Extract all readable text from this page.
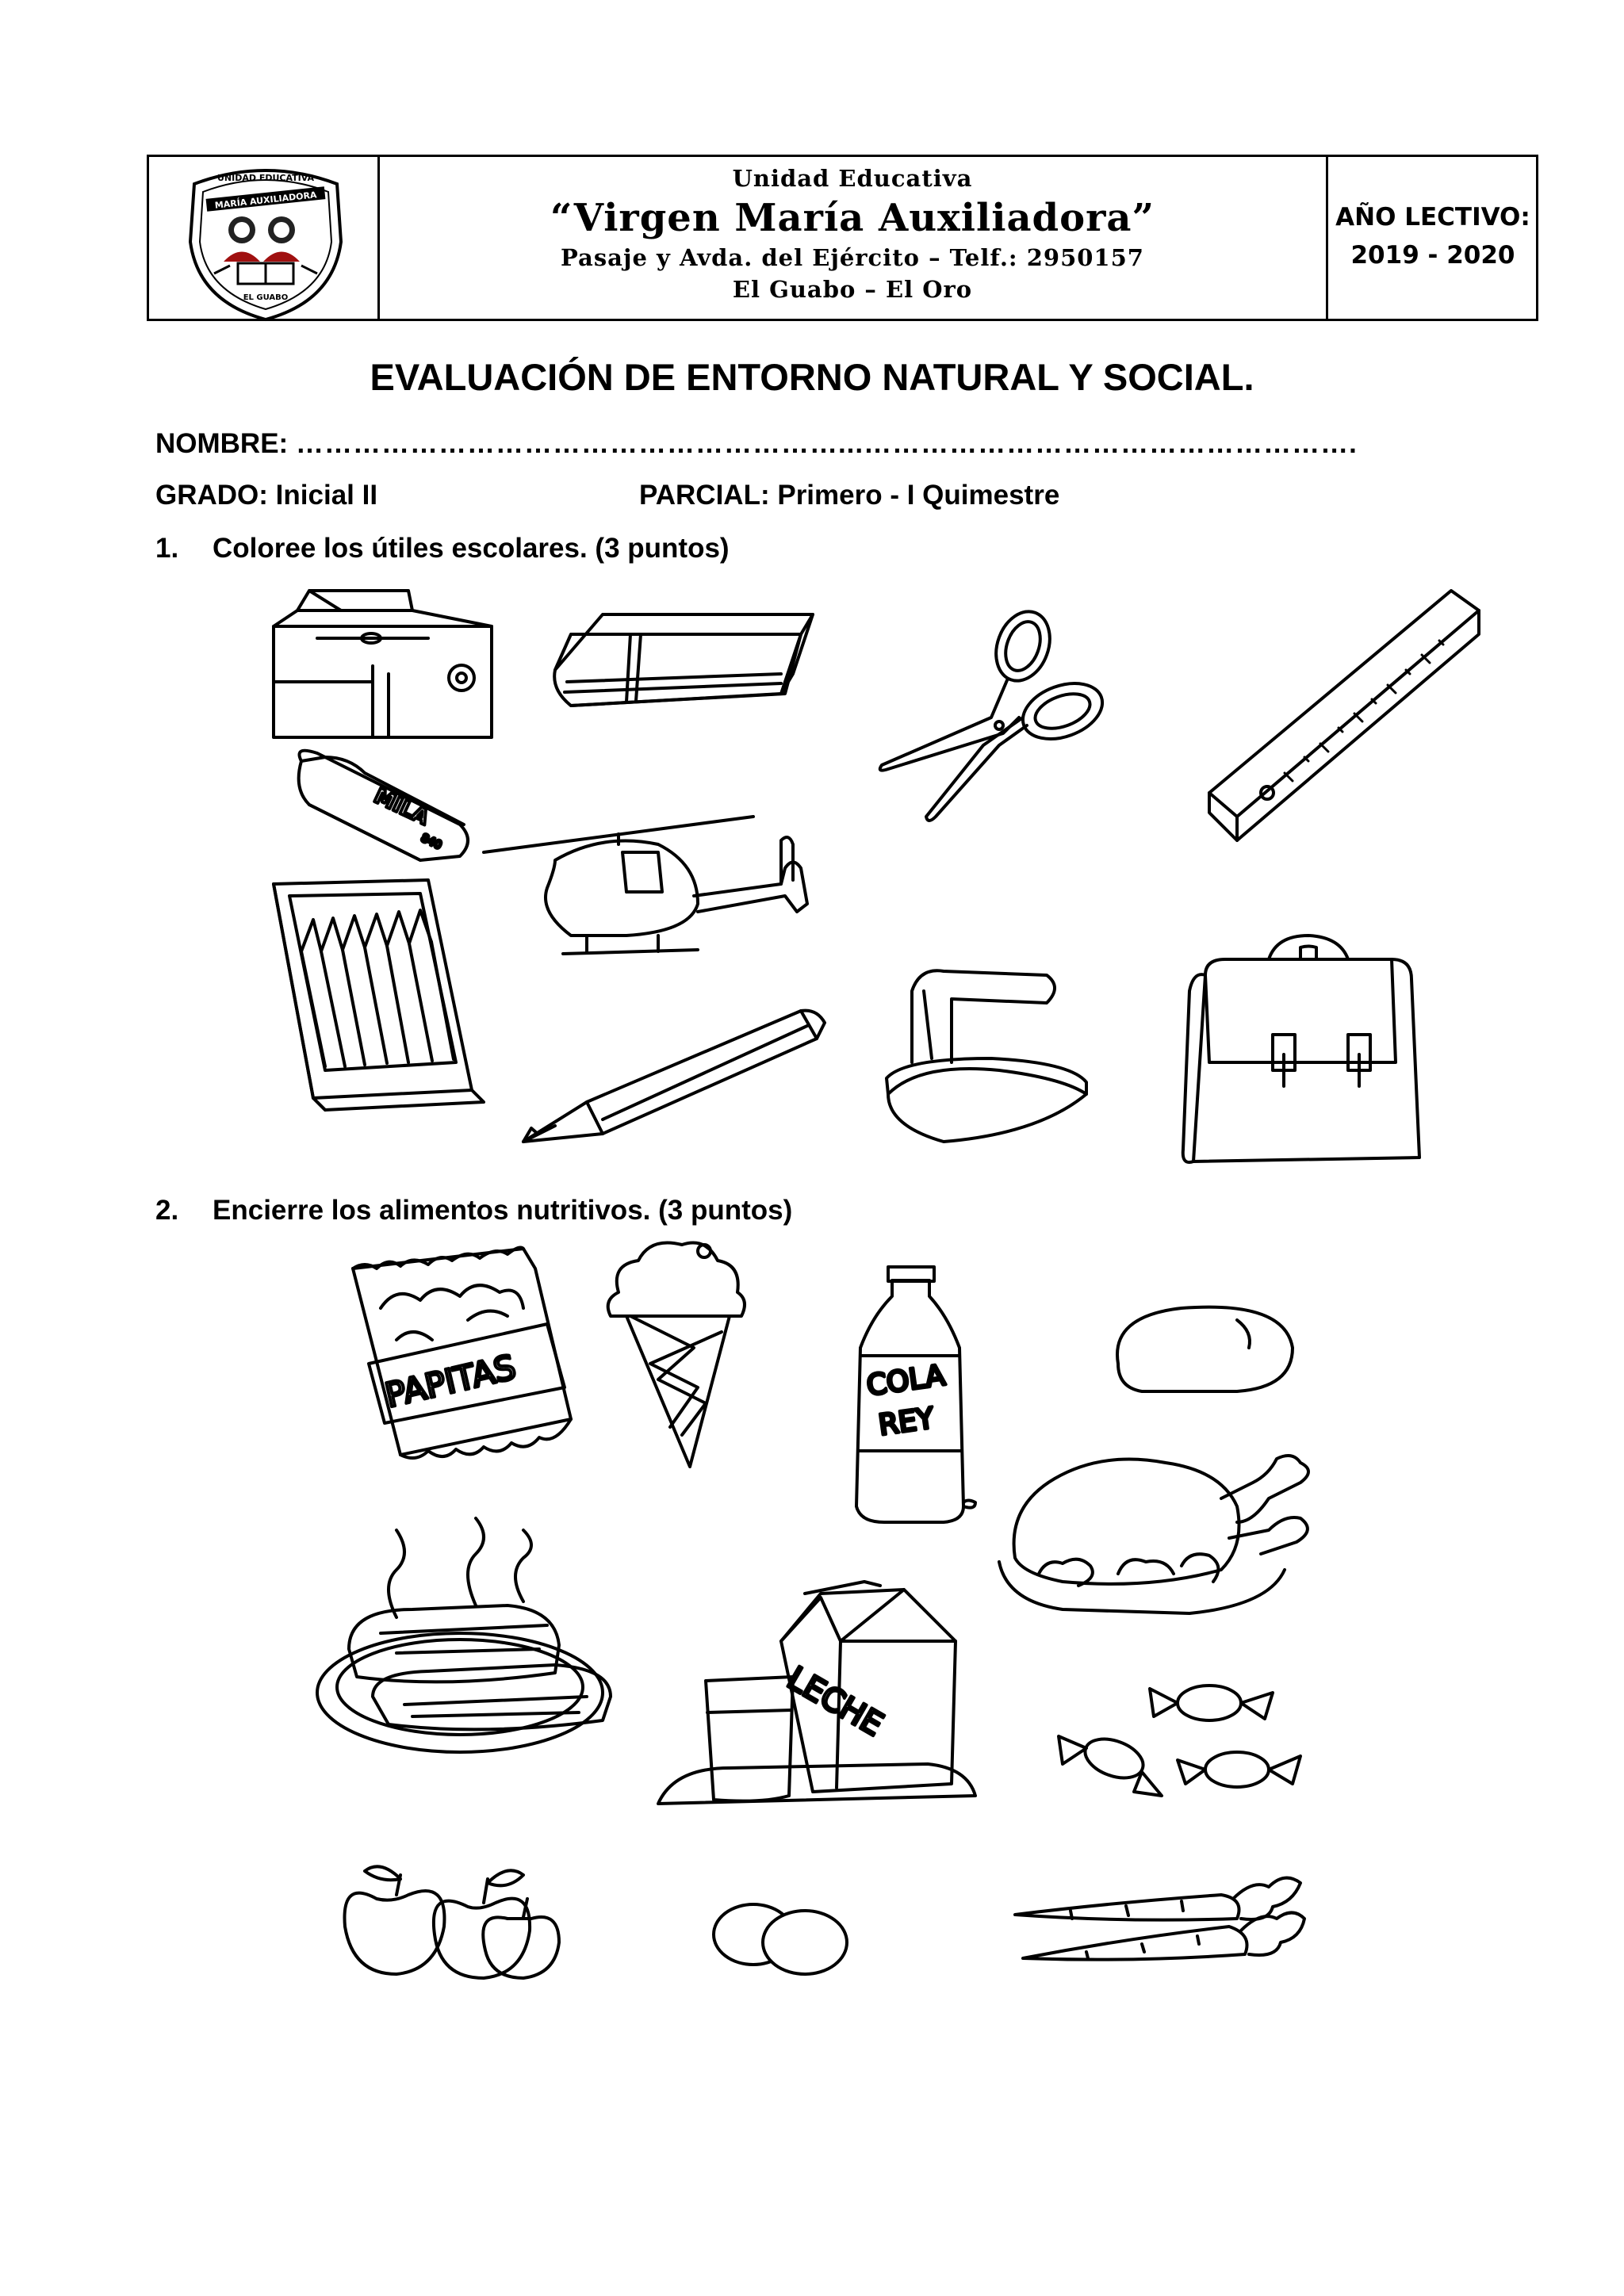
UNIDAD EDUCATIVA
MARÍA AUXILIADORA
EL GUABO
MILA
840
PAPITAS	COLA
REY
LECHE
Unidad Educativa
“Virgen María Auxiliadora”
Pasaje y Avda. del Ejército – Telf.: 2950157
El Guabo – El Oro
AÑO LECTIVO:
2019 - 2020
EVALUACIÓN DE ENTORNO NATURAL Y SOCIAL.
NOMBRE: …………………………………………………...…………………………………………….
GRADO: Inicial II	PARCIAL: Primero - I Quimestre
1. Coloree los útiles escolares. (3 puntos)
2. Encierre los alimentos nutritivos. (3 puntos)
